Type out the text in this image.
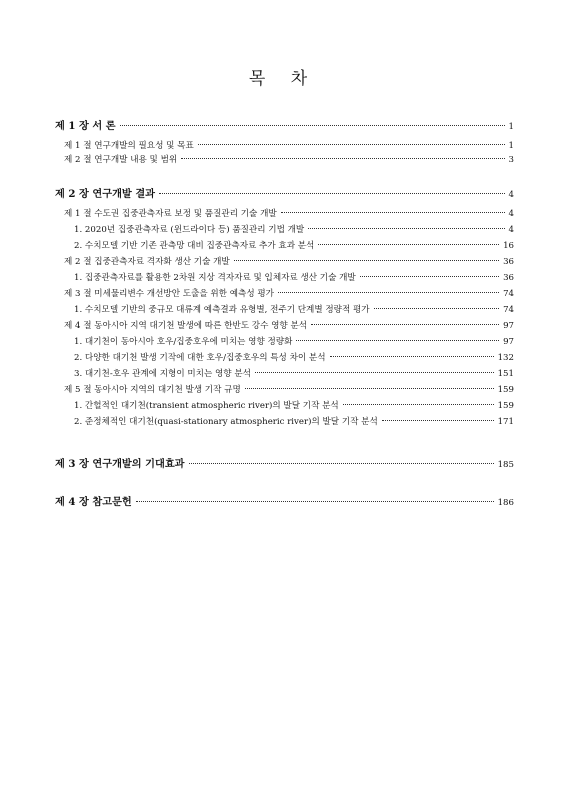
목 차
제 1 장 서 론	1
제 1 절 연구개발의 필요성 및 목표	1
제 2 절 연구개발 내용 및 범위	3
제 2 장 연구개발 결과	4
제 1 절 수도권 집중관측자료 보정 및 품질관리 기술 개발	4
1. 2020년 집중관측자료 (윈드라이다 등) 품질관리 기법 개발	4
2. 수치모델 기반 기존 관측망 대비 집중관측자료 추가 효과 분석	16
제 2 절 집중관측자료 격자화 생산 기술 개발	36
1. 집중관측자료를 활용한 2차원 지상 격자자료 및 입체자료 생산 기술 개발	36
제 3 절 미세물리변수 개선방안 도출을 위한 예측성 평가	74
1. 수치모델 기반의 중규모 대류계 예측결과 유형별, 전주기 단계별 정량적 평가	74
제 4 절 동아시아 지역 대기천 발생에 따른 한반도 강수 영향 분석	97
1. 대기천이 동아시아 호우/집중호우에 미치는 영향 정량화	97
2. 다양한 대기천 발생 기작에 대한 호우/집중호우의 특성 차이 분석	132
3. 대기천-호우 관계에 지형이 미치는 영향 분석	151
제 5 절 동아시아 지역의 대기천 발생 기작 규명	159
1. 간헐적인 대기천(transient atmospheric river)의 발달 기작 분석	159
2. 준정체적인 대기천(quasi-stationary atmospheric river)의 발달 기작 분석	171
제 3 장 연구개발의 기대효과	185
제 4 장 참고문헌	186
